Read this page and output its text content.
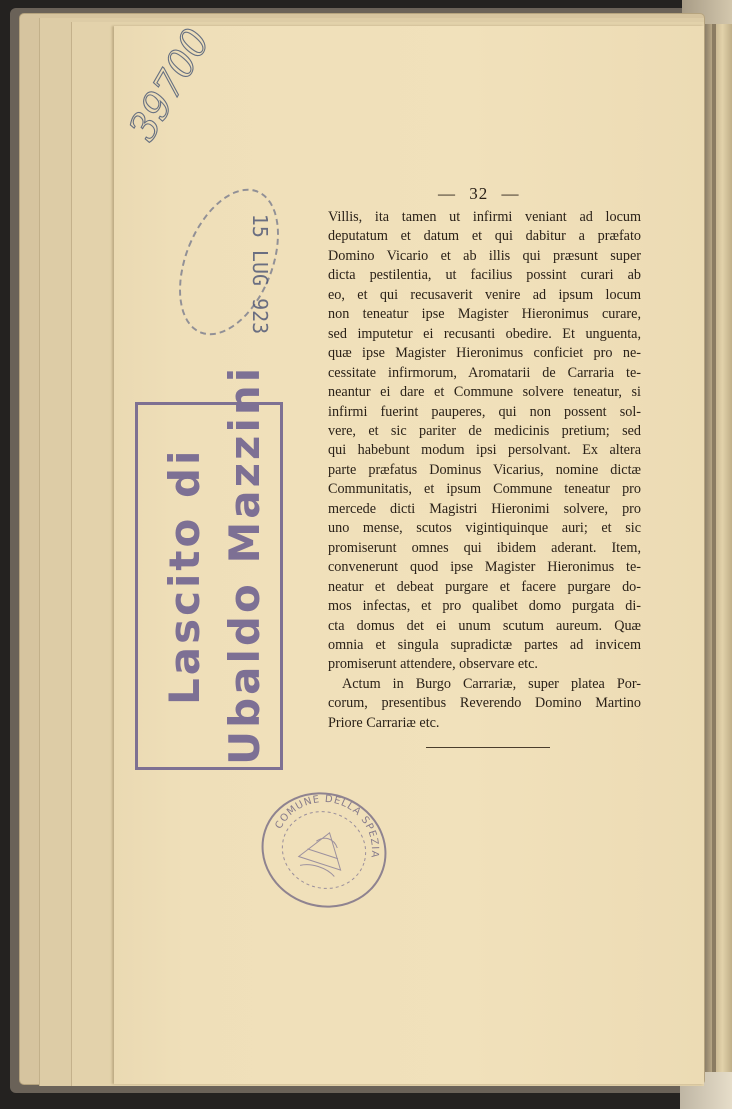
39700
15 LUG 923
Lascito di Ubaldo Mazzini
COMUNE DELLA SPEZIA
— 32 —
Villis, ita tamen ut infirmi veniant ad locum
deputatum et datum et qui dabitur a præfato
Domino Vicario et ab illis qui præsunt super
dicta pestilentia, ut facilius possint curari ab
eo, et qui recusaverit venire ad ipsum locum
non teneatur ipse Magister Hieronimus curare,
sed imputetur ei recusanti obedire. Et unguenta,
quæ ipse Magister Hieronimus conficiet pro ne-
cessitate infirmorum, Aromatarii de Carraria te-
neantur ei dare et Commune solvere teneatur, si
infirmi fuerint pauperes, qui non possent sol-
vere, et sic pariter de medicinis pretium; sed
qui habebunt modum ipsi persolvant. Ex altera
parte præfatus Dominus Vicarius, nomine dictæ
Communitatis, et ipsum Commune teneatur pro
mercede dicti Magistri Hieronimi solvere, pro
uno mense, scutos vigintiquinque auri; et sic
promiserunt omnes qui ibidem aderant. Item,
convenerunt quod ipse Magister Hieronimus te-
neatur et debeat purgare et facere purgare do-
mos infectas, et pro qualibet domo purgata di-
cta domus det ei unum scutum aureum. Quæ
omnia et singula supradictæ partes ad invicem
promiserunt attendere, observare etc.
Actum in Burgo Carrariæ, super platea Por-
corum, presentibus Reverendo Domino Martino
Priore Carrariæ etc.
